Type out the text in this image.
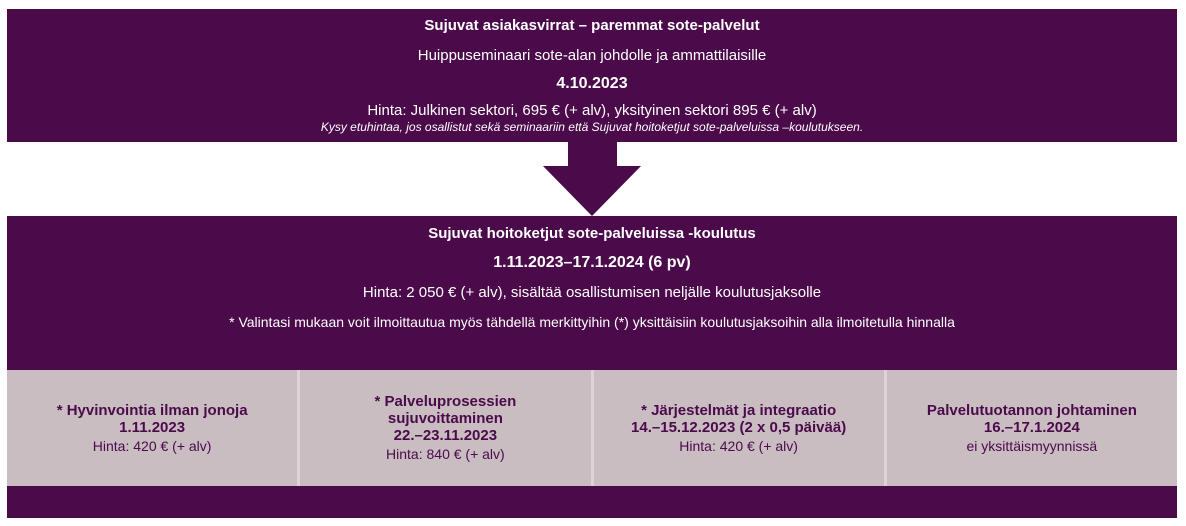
Sujuvat asiakasvirrat – paremmat sote-palvelut
Huippuseminaari sote-alan johdolle ja ammattilaisille
4.10.2023
Hinta: Julkinen sektori, 695 € (+ alv), yksityinen sektori 895 € (+ alv)
Kysy etuhintaa, jos osallistut sekä seminaariin että Sujuvat hoitoketjut sote-palveluissa –koulutukseen.
Sujuvat hoitoketjut sote-palveluissa -koulutus
1.11.2023–17.1.2024 (6 pv)
Hinta: 2 050 € (+ alv), sisältää osallistumisen neljälle koulutusjaksolle
* Valintasi mukaan voit ilmoittautua myös tähdellä merkittyihin (*) yksittäisiin koulutusjaksoihin alla ilmoitetulla hinnalla
* Hyvinvointia ilman jonoja
1.11.2023
Hinta: 420 € (+ alv)
* Palveluprosessien sujuvoittaminen
22.–23.11.2023
Hinta: 840 € (+ alv)
* Järjestelmät ja integraatio
14.–15.12.2023 (2 x 0,5 päivää)
Hinta: 420 € (+ alv)
Palvelutuotannon johtaminen
16.–17.1.2024
ei yksittäismyynnissä
